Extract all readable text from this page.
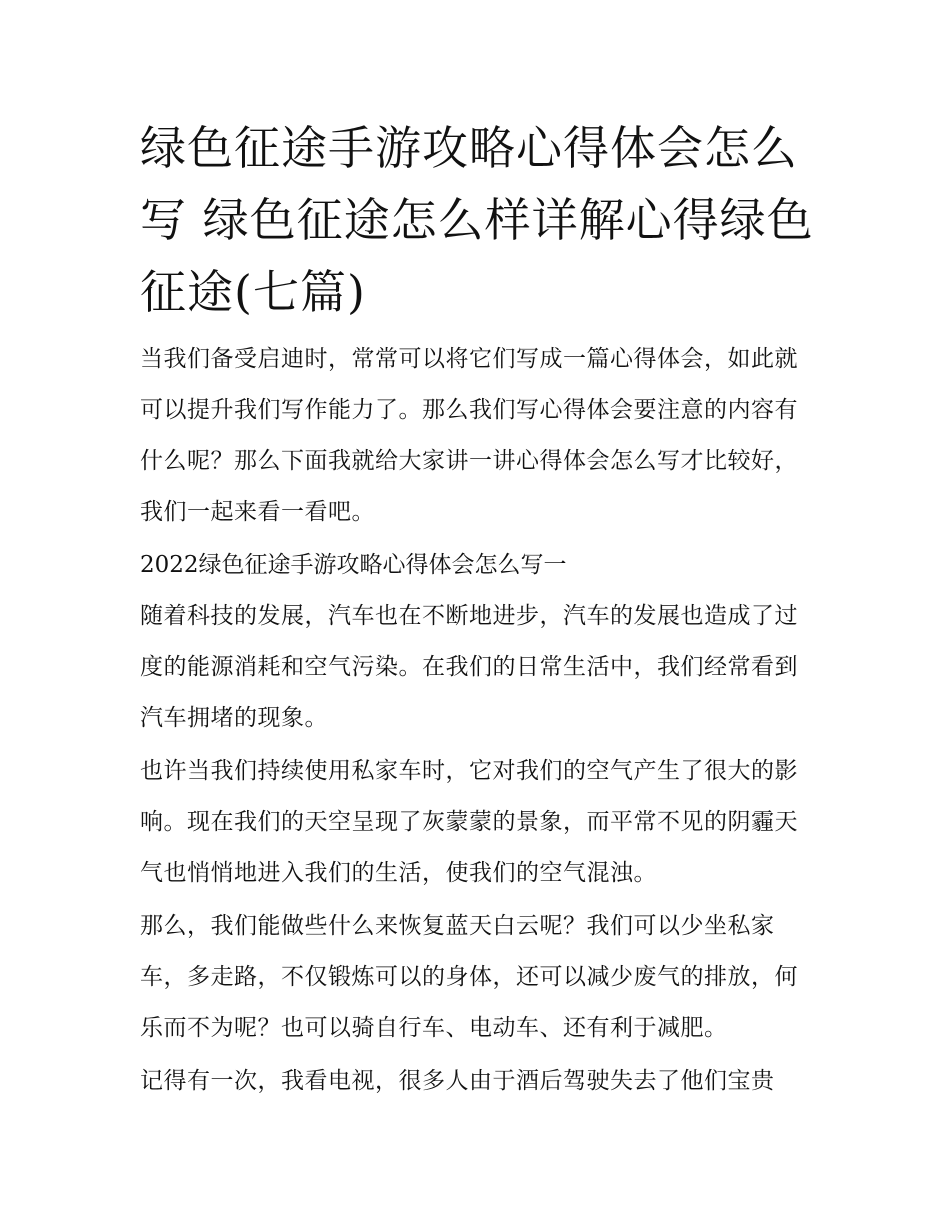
绿色征途手游攻略心得体会怎么写 绿色征途怎么样详解心得绿色征途(七篇)

当我们备受启迪时，常常可以将它们写成一篇心得体会，如此就可以提升我们写作能力了。那么我们写心得体会要注意的内容有什么呢？那么下面我就给大家讲一讲心得体会怎么写才比较好，我们一起来看一看吧。

2022绿色征途手游攻略心得体会怎么写一

随着科技的发展，汽车也在不断地进步，汽车的发展也造成了过度的能源消耗和空气污染。在我们的日常生活中，我们经常看到汽车拥堵的现象。

也许当我们持续使用私家车时，它对我们的空气产生了很大的影响。现在我们的天空呈现了灰蒙蒙的景象，而平常不见的阴霾天气也悄悄地进入我们的生活，使我们的空气混浊。

那么，我们能做些什么来恢复蓝天白云呢？我们可以少坐私家车，多走路，不仅锻炼可以的身体，还可以减少废气的排放，何乐而不为呢？也可以骑自行车、电动车、还有利于减肥。

记得有一次，我看电视，很多人由于酒后驾驶失去了他们宝贵
